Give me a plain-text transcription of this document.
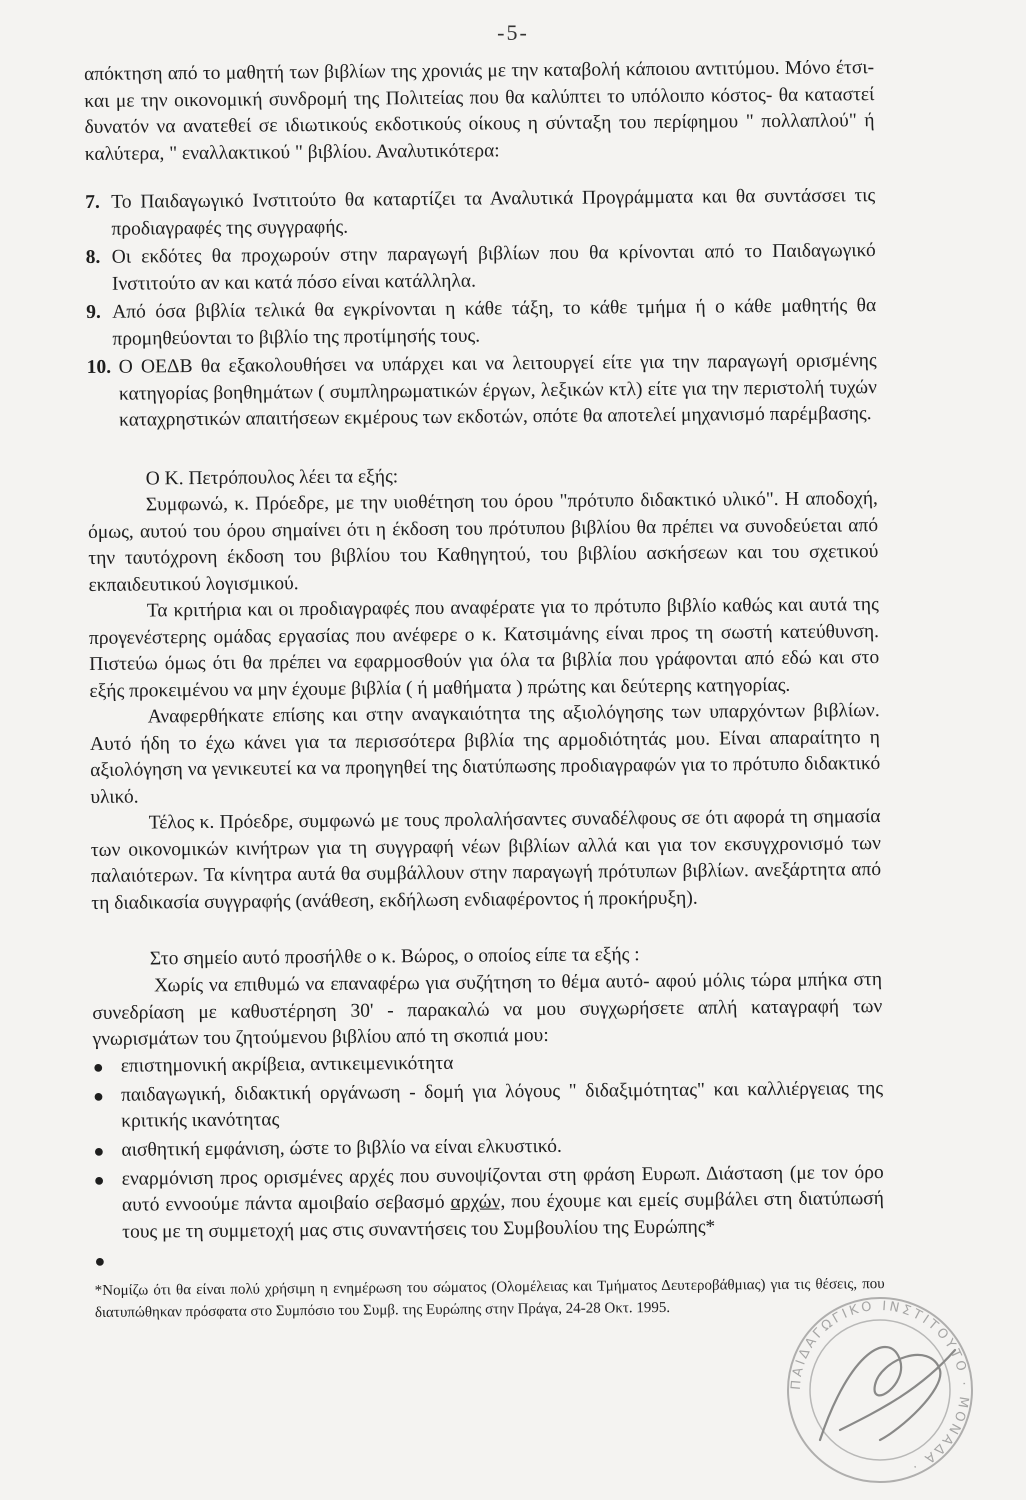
-5-

απόκτηση από το μαθητή των βιβλίων της χρονιάς με την καταβολή κάποιου αντιτύμου. Μόνο έτσι- και με την οικονομική συνδρομή της Πολιτείας που θα καλύπτει το υπόλοιπο κόστος- θα καταστεί δυνατόν να ανατεθεί σε ιδιωτικούς εκδοτικούς οίκους η σύνταξη του περίφημου " πολλαπλού" ή καλύτερα, " εναλλακτικού " βιβλίου. Αναλυτικότερα:

7. Το Παιδαγωγικό Ινστιτούτο θα καταρτίζει τα Αναλυτικά Προγράμματα και θα συντάσσει τις προδιαγραφές της συγγραφής.
8. Οι εκδότες θα προχωρούν στην παραγωγή βιβλίων που θα κρίνονται από το Παιδαγωγικό Ινστιτούτο αν και κατά πόσο είναι κατάλληλα.
9. Από όσα βιβλία τελικά θα εγκρίνονται η κάθε τάξη, το κάθε τμήμα ή ο κάθε μαθητής θα προμηθεύονται το βιβλίο της προτίμησής τους.
10. Ο ΟΕΔΒ θα εξακολουθήσει να υπάρχει και να λειτουργεί είτε για την παραγωγή ορισμένης κατηγορίας βοηθημάτων ( συμπληρωματικών έργων, λεξικών κτλ) είτε για την περιστολή τυχών καταχρηστικών απαιτήσεων εκμέρους των εκδοτών, οπότε θα αποτελεί μηχανισμό παρέμβασης.

Ο Κ. Πετρόπουλος λέει τα εξής:

Συμφωνώ, κ. Πρόεδρε, με την υιοθέτηση του όρου "πρότυπο διδακτικό υλικό". Η αποδοχή, όμως, αυτού του όρου σημαίνει ότι η έκδοση του πρότυπου βιβλίου θα πρέπει να συνοδεύεται από την ταυτόχρονη έκδοση του βιβλίου του Καθηγητού, του βιβλίου ασκήσεων και του σχετικού εκπαιδευτικού λογισμικού.

Τα κριτήρια και οι προδιαγραφές που αναφέρατε για το πρότυπο βιβλίο καθώς και αυτά της προγενέστερης ομάδας εργασίας που ανέφερε ο κ. Κατσιμάνης είναι προς τη σωστή κατεύθυνση. Πιστεύω όμως ότι θα πρέπει να εφαρμοσθούν για όλα τα βιβλία που γράφονται από εδώ και στο εξής προκειμένου να μην έχουμε βιβλία ( ή μαθήματα ) πρώτης και δεύτερης κατηγορίας.

Αναφερθήκατε επίσης και στην αναγκαιότητα της αξιολόγησης των υπαρχόντων βιβλίων. Αυτό ήδη το έχω κάνει για τα περισσότερα βιβλία της αρμοδιότητάς μου. Είναι απαραίτητο η αξιολόγηση να γενικευτεί κα να προηγηθεί της διατύπωσης προδιαγραφών για το πρότυπο διδακτικό υλικό.

Τέλος κ. Πρόεδρε, συμφωνώ με τους προλαλήσαντες συναδέλφους σε ότι αφορά τη σημασία των οικονομικών κινήτρων για τη συγγραφή νέων βιβλίων αλλά και για τον εκσυγχρονισμό των παλαιότερων. Τα κίνητρα αυτά θα συμβάλλουν στην παραγωγή πρότυπων βιβλίων. ανεξάρτητα από τη διαδικασία συγγραφής (ανάθεση, εκδήλωση ενδιαφέροντος ή προκήρυξη).

Στο σημείο αυτό προσήλθε ο κ. Βώρος, ο οποίος είπε τα εξής :

Χωρίς να επιθυμώ να επαναφέρω για συζήτηση το θέμα αυτό- αφού μόλις τώρα μπήκα στη συνεδρίαση με καθυστέρηση 30' - παρακαλώ να μου συγχωρήσετε απλή καταγραφή των γνωρισμάτων του ζητούμενου βιβλίου από τη σκοπιά μου:

● επιστημονική ακρίβεια, αντικειμενικότητα
● παιδαγωγική, διδακτική οργάνωση - δομή για λόγους " διδαξιμότητας" και καλλιέργειας της κριτικής ικανότητας
● αισθητική εμφάνιση, ώστε το βιβλίο να είναι ελκυστικό.
● εναρμόνιση προς ορισμένες αρχές που συνοψίζονται στη φράση Ευρωπ. Διάσταση (με τον όρο αυτό εννοούμε πάντα αμοιβαίο σεβασμό αρχών, που έχουμε και εμείς συμβάλει στη διατύπωσή τους με τη συμμετοχή μας στις συναντήσεις του Συμβουλίου της Ευρώπης*
●

*Νομίζω ότι θα είναι πολύ χρήσιμη η ενημέρωση του σώματος (Ολομέλειας και Τμήματος Δευτεροβάθμιας) για τις θέσεις, που διατυπώθηκαν πρόσφατα στο Συμπόσιο του Συμβ. της Ευρώπης στην Πράγα, 24-28 Οκτ. 1995.

ΠΑΙΔΑΓΩΓΙΚΟ ΙΝΣΤΙΤΟΥΤΟ · ΜΟΝΑΔΑ ·
